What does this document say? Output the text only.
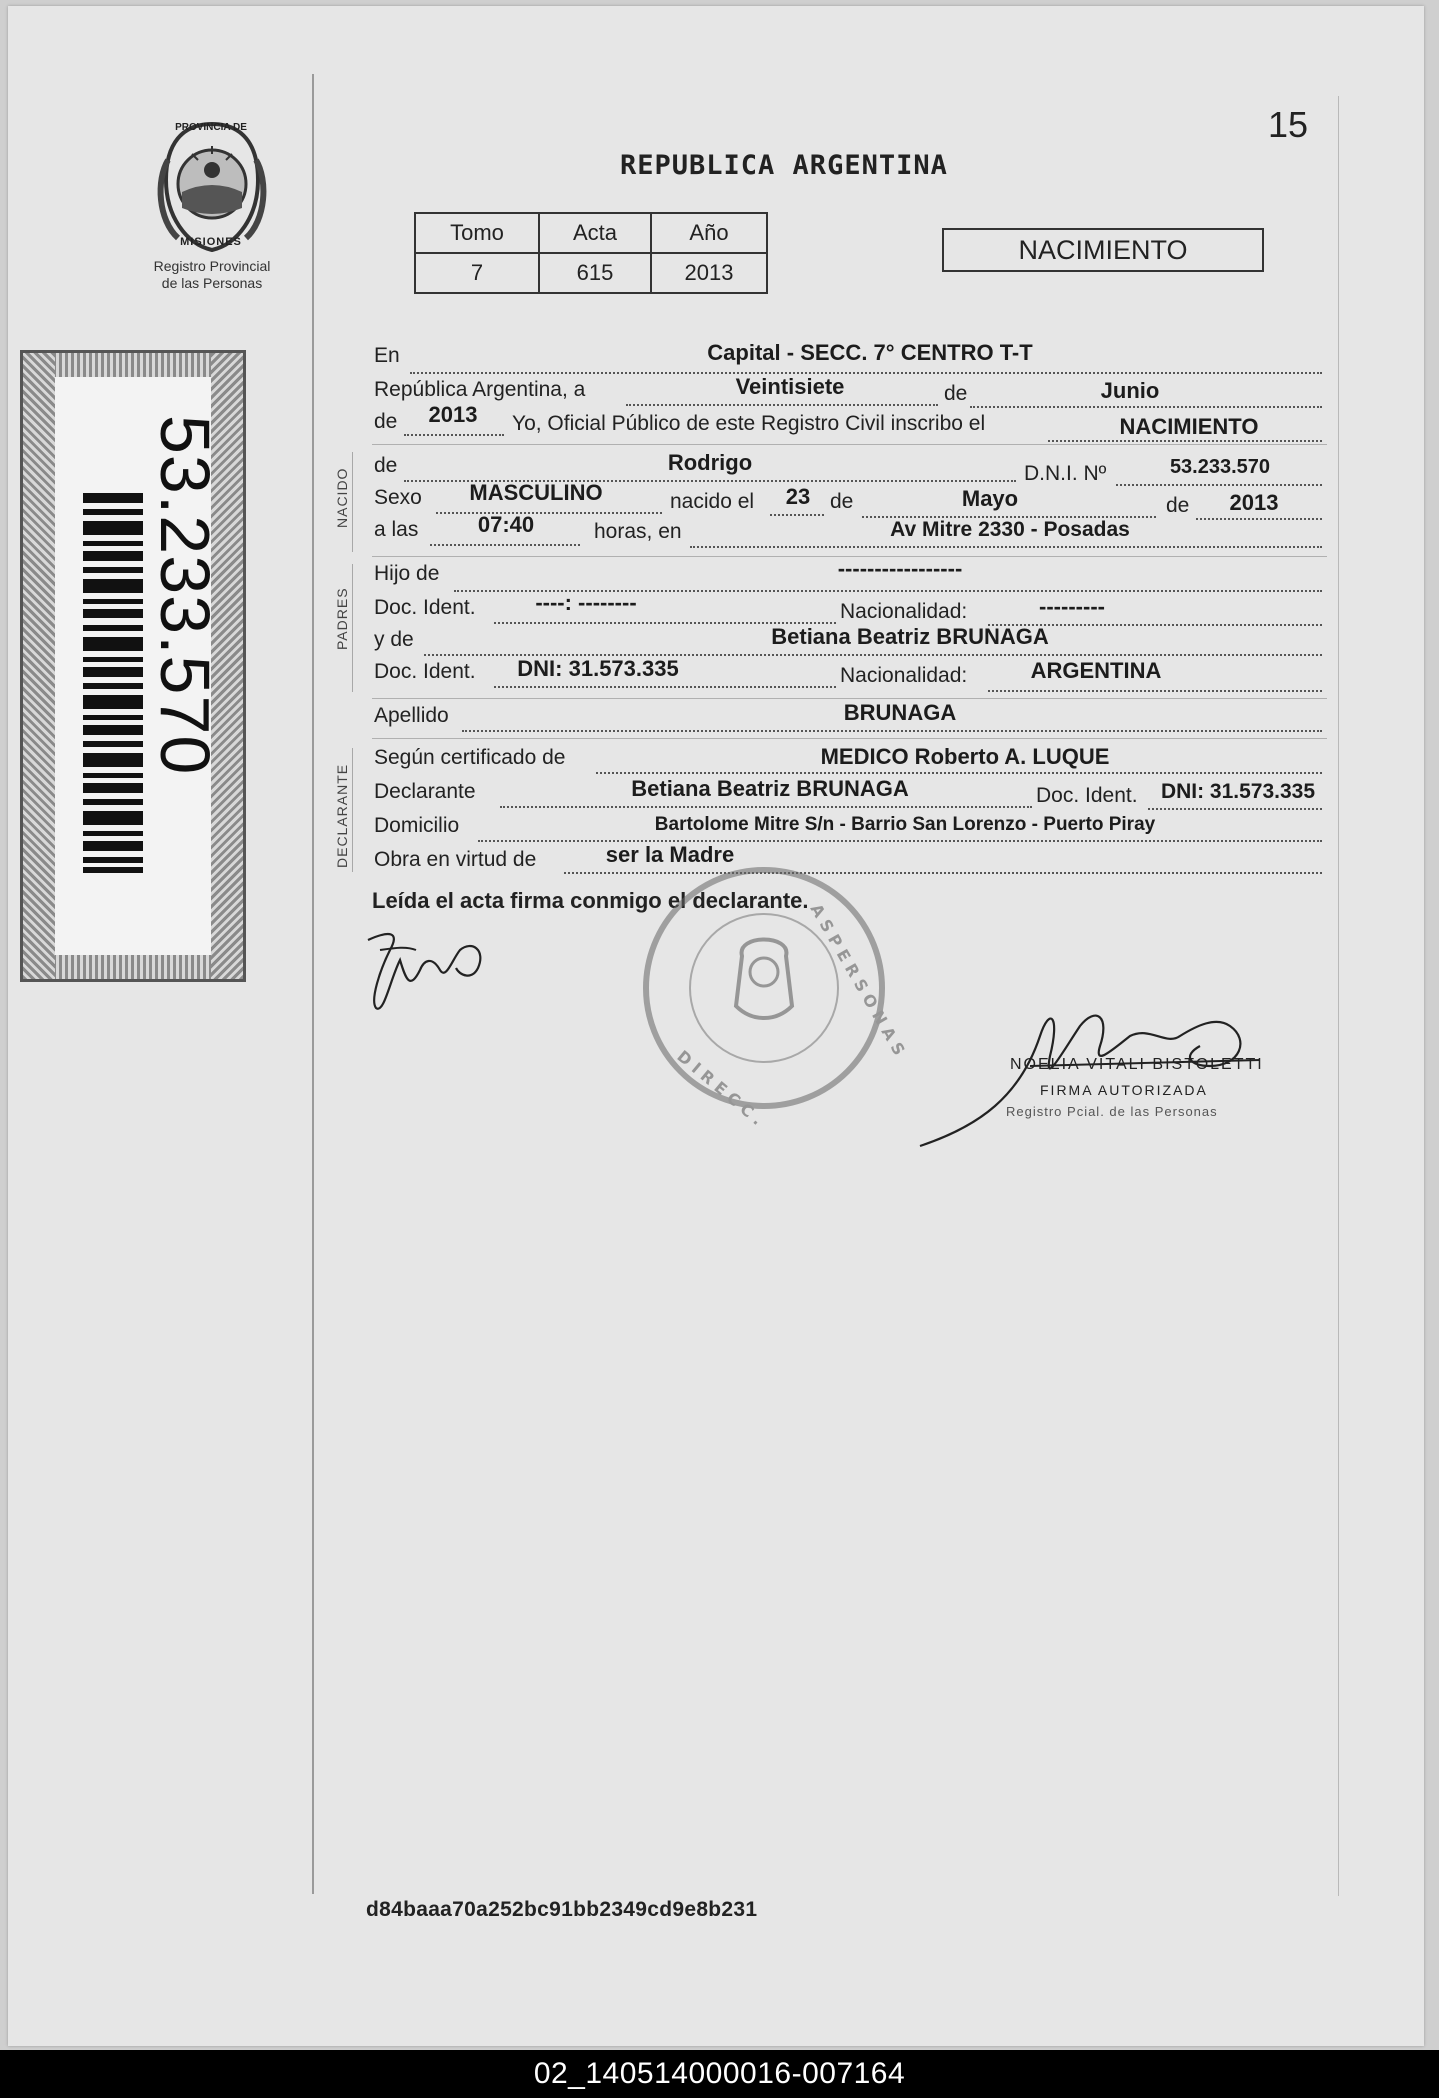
PROVINCIA DE
MISIONES
Registro Provincial
de las Personas
53.233.570
15
REPUBLICA ARGENTINA
Tomo	Acta	Año
7	615	2013
NACIMIENTO
En	Capital - SECC. 7° CENTRO T-T
República Argentina, a	Veintisiete	de	Junio
de	2013	Yo, Oficial Público de este Registro Civil inscribo el	NACIMIENTO
NACIDO
de	Rodrigo	D.N.I. Nº	53.233.570
Sexo	MASCULINO	nacido el	23 de	Mayo	de	2013
a las	07:40	horas, en	Av Mitre 2330 - Posadas
PADRES
Hijo de	-----------------
Doc. Ident.	----: --------	Nacionalidad:	---------
y de	Betiana Beatriz BRUNAGA
Doc. Ident.	DNI: 31.573.335	Nacionalidad:	ARGENTINA
Apellido	BRUNAGA
DECLARANTE
Según certificado de	MEDICO Roberto A. LUQUE
Declarante	Betiana Beatriz BRUNAGA	Doc. Ident.	DNI: 31.573.335
Domicilio	Bartolome Mitre S/n - Barrio San Lorenzo - Puerto Piray
Obra en virtud de	ser la Madre
Leída el acta firma conmigo el declarante.
D I R E C C .
A S P E R S O N A S
NOELIA VITALI BISTOLETTI
FIRMA AUTORIZADA
Registro Pcial. de las Personas
d84baaa70a252bc91bb2349cd9e8b231
02_140514000016-007164
